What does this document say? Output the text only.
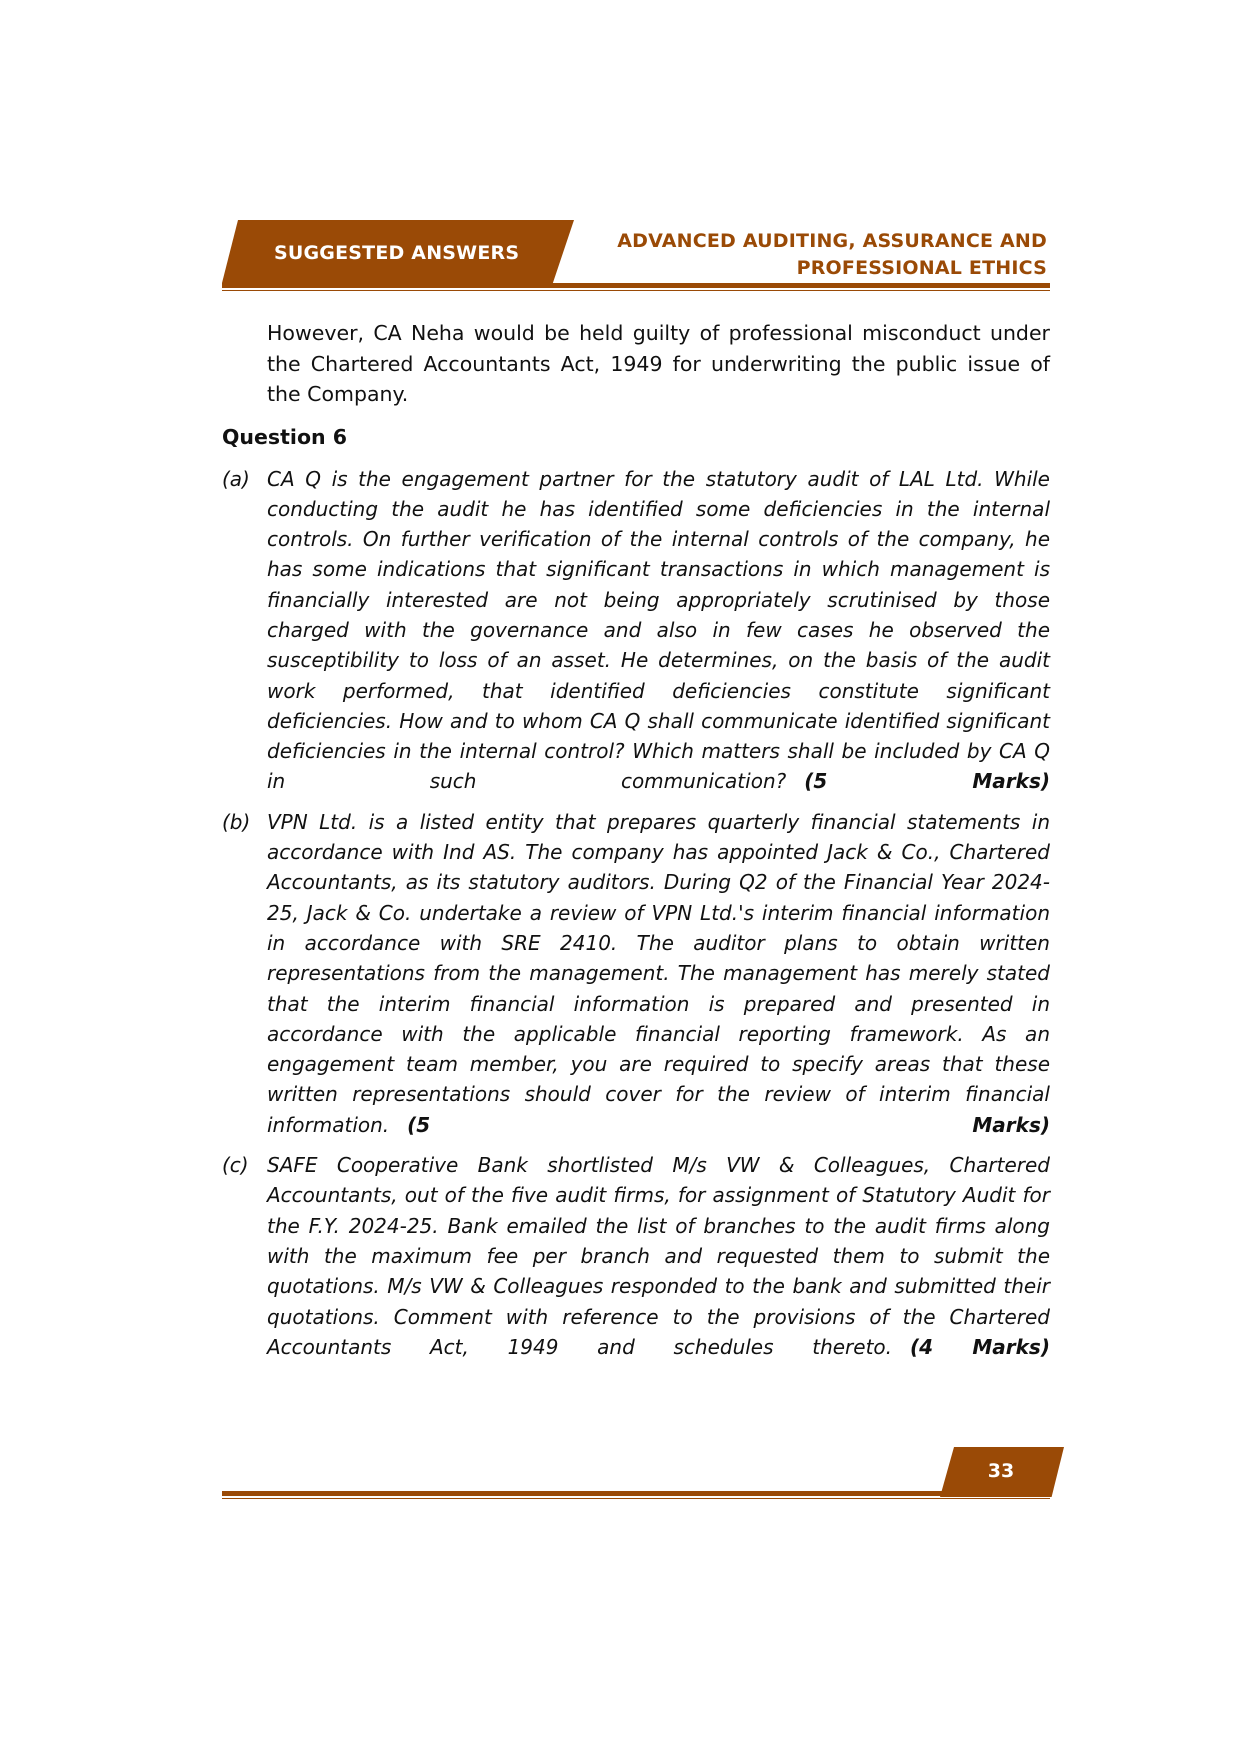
SUGGESTED ANSWERS
ADVANCED AUDITING, ASSURANCE AND
PROFESSIONAL ETHICS

However, CA Neha would be held guilty of professional misconduct under the Chartered Accountants Act, 1949 for underwriting the public issue of the Company.

Question 6
(a) CA Q is the engagement partner for the statutory audit of LAL Ltd. While conducting the audit he has identified some deficiencies in the internal controls. On further verification of the internal controls of the company, he has some indications that significant transactions in which management is financially interested are not being appropriately scrutinised by those charged with the governance and also in few cases he observed the susceptibility to loss of an asset. He determines, on the basis of the audit work performed, that identified deficiencies constitute significant deficiencies. How and to whom CA Q shall communicate identified significant deficiencies in the internal control? Which matters shall be included by CA Q in such communication? (5 Marks)
(b) VPN Ltd. is a listed entity that prepares quarterly financial statements in accordance with Ind AS. The company has appointed Jack & Co., Chartered Accountants, as its statutory auditors. During Q2 of the Financial Year 2024-25, Jack & Co. undertake a review of VPN Ltd.'s interim financial information in accordance with SRE 2410. The auditor plans to obtain written representations from the management. The management has merely stated that the interim financial information is prepared and presented in accordance with the applicable financial reporting framework. As an engagement team member, you are required to specify areas that these written representations should cover for the review of interim financial information. (5 Marks)
(c) SAFE Cooperative Bank shortlisted M/s VW & Colleagues, Chartered Accountants, out of the five audit firms, for assignment of Statutory Audit for the F.Y. 2024-25. Bank emailed the list of branches to the audit firms along with the maximum fee per branch and requested them to submit the quotations. M/s VW & Colleagues responded to the bank and submitted their quotations. Comment with reference to the provisions of the Chartered Accountants Act, 1949 and schedules thereto. (4 Marks)
33
